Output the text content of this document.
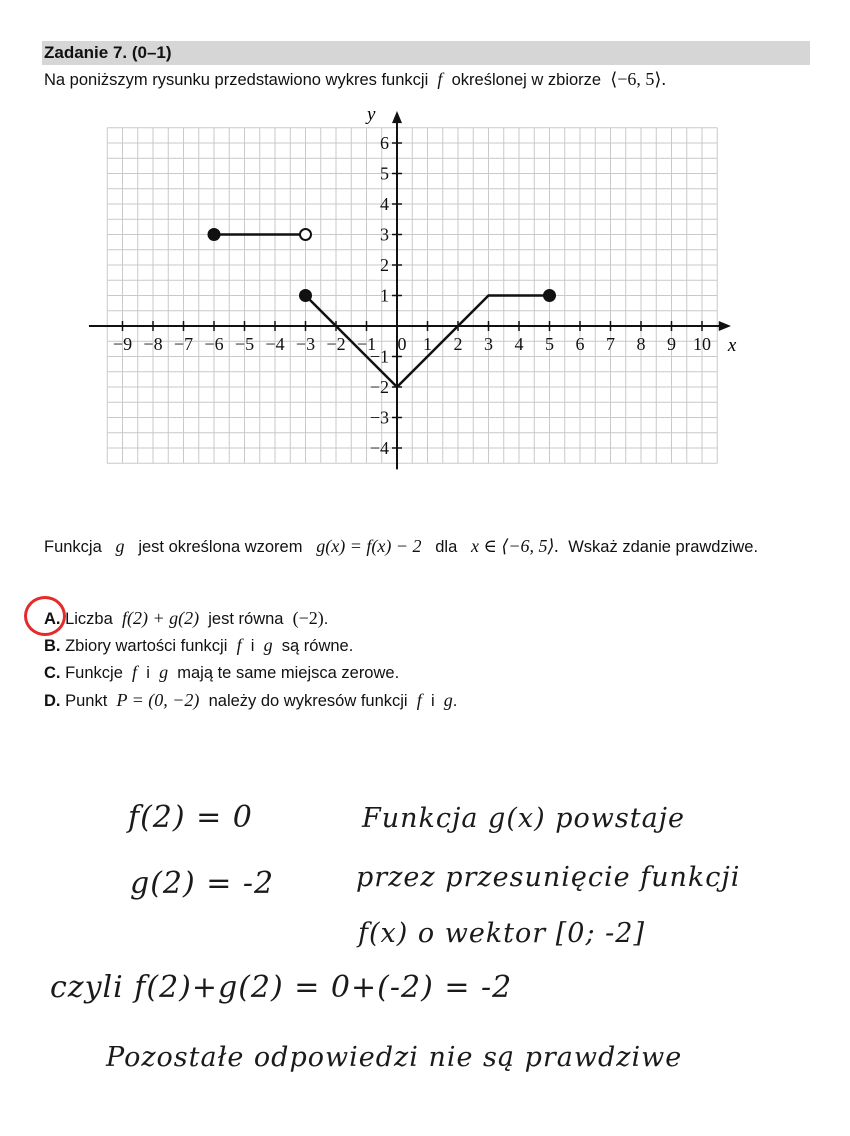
Zadanie 7. (0–1)
Na poniższym rysunku przedstawiono wykres funkcji f określonej w zbiorze ⟨−6, 5⟩.
−9 −8 −7 −6 −5 −4 −3 −2 −1 0 1 2 3 4 5 6 7 8 9 10
−4
−3
−2
−1
1
2
3
4
5
6
x
y
Funkcja g jest określona wzorem g(x) = f(x) − 2 dla x ∈ ⟨−6, 5⟩. Wskaż zdanie prawdziwe.
A. Liczba f(2) + g(2) jest równa (−2).
B. Zbiory wartości funkcji f i g są równe.
C. Funkcje f i g mają te same miejsca zerowe.
D. Punkt P = (0, −2) należy do wykresów funkcji f i g.
f(2) = 0	Funkcja g(x) powstaje
g(2) = -2	przez przesunięcie funkcji
f(x) o wektor [0; -2]
czyli f(2)+g(2) = 0+(-2) = -2
Pozostałe odpowiedzi nie są prawdziwe
